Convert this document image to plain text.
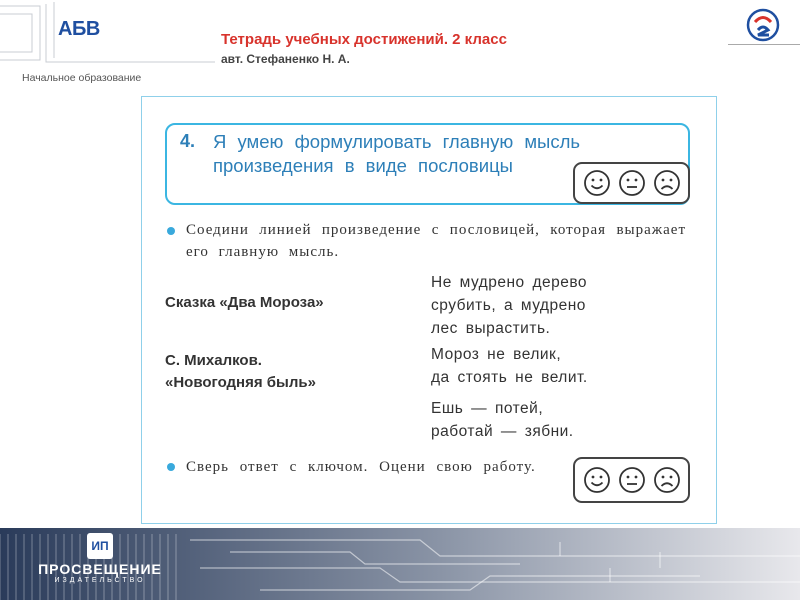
АБВ
Начальное образование
Тетрадь учебных достижений. 2 класс
авт. Стефаненко Н. А.
4. Я умею формулировать главную мысль произведения в виде пословицы
Соедини линией произведение с пословицей, которая выражает его главную мысль.
Сказка «Два Мороза»
С. Михалков.
«Новогодняя быль»
Не мудрено дерево
срубить, а мудрено
лес вырастить.
Мороз не велик,
да стоять не велит.
Ешь — потей,
работай — зябни.
Сверь ответ с ключом. Оцени свою работу.
ИП
ПРОСВЕЩЕНИЕ
ИЗДАТЕЛЬСТВО
